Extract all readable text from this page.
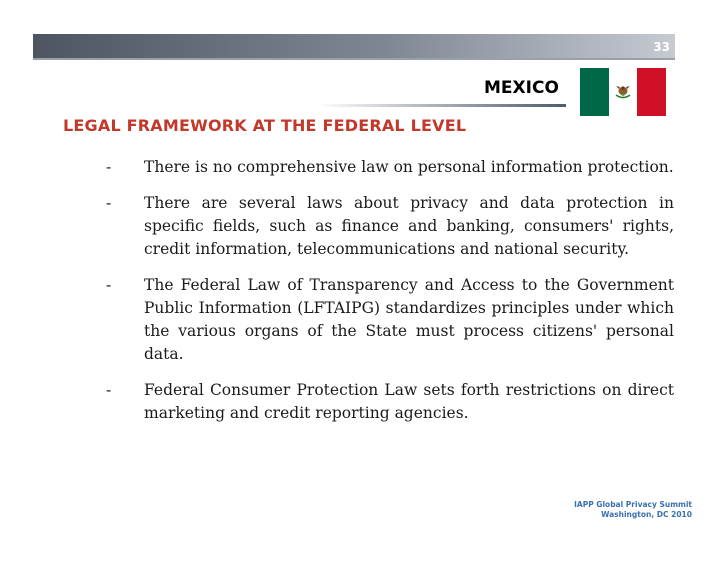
33
MEXICO
LEGAL FRAMEWORK AT THE FEDERAL LEVEL
-	There is no comprehensive law on personal information protection.
-	There are several laws about privacy and data protection in specific fields, such as finance and banking, consumers' rights, credit information, telecommunications and national security.
-	The Federal Law of Transparency and Access to the Government Public Information (LFTAIPG) standardizes principles under which the various organs of the State must process citizens' personal data.
-	Federal Consumer Protection Law sets forth restrictions on direct marketing and credit reporting agencies.
IAPP Global Privacy Summit
Washington, DC 2010
